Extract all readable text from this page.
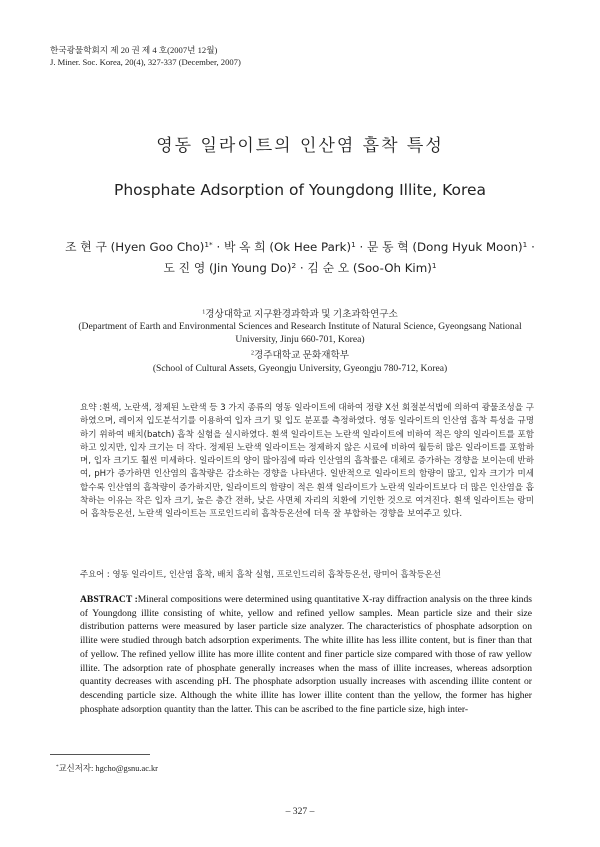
한국광물학회지 제 20 권 제 4 호(2007년 12월)
J. Miner. Soc. Korea, 20(4), 327-337 (December, 2007)
영동 일라이트의 인산염 흡착 특성
Phosphate Adsorption of Youngdong Illite, Korea
조 현 구 (Hyen Goo Cho)$^{1*}$ · 박 옥 희 (Ok Hee Park)$^1$ · 문 동 혁 (Dong Hyuk Moon)$^1$ ·
도 진 영 (Jin Young Do)$^2$ · 김 순 오 (Soo-Oh Kim)$^1$
$^1$경상대학교 지구환경과학과 및 기초과학연구소
(Department of Earth and Environmental Sciences and Research Institute of Natural Science, Gyeongsang National
University, Jinju 660-701, Korea)
$^2$경주대학교 문화재학부
(School of Cultural Assets, Gyeongju University, Gyeongju 780-712, Korea)
요약 :흰색, 노란색, 정제된 노란색 등 3 가지 종류의 영동 일라이트에 대하여 정량 X선 회절분석법에 의하여 광물조성을 구하였으며, 레이저 입도분석기를 이용하여 입자 크기 및 입도 분포를 측정하였다. 영동 일라이트의 인산염 흡착 특성을 규명하기 위하여 배치(batch) 흡착 실험을 실시하였다. 흰색 일라이트는 노란색 일라이트에 비하여 적은 양의 일라이트를 포함하고 있지만, 입자 크기는 더 작다. 정제된 노란색 일라이트는 정제하지 않은 시료에 비하여 월등히 많은 일라이트를 포함하며, 입자 크기도 훨씬 미세하다. 일라이트의 양이 많아짐에 따라 인산염의 흡착률은 대체로 증가하는 경향을 보이는데 반하여, pH가 증가하면 인산염의 흡착량은 감소하는 경향을 나타낸다. 일반적으로 일라이트의 함량이 많고, 입자 크기가 미세할수록 인산염의 흡착량이 증가하지만, 일라이트의 함량이 적은 흰색 일라이트가 노란색 일라이트보다 더 많은 인산염을 흡착하는 이유는 작은 입자 크기, 높은 층간 전하, 낮은 사면체 자리의 치환에 기인한 것으로 여겨진다. 흰색 일라이트는 랑미어 흡착등온선, 노란색 일라이트는 프로인드리히 흡착등온선에 더욱 잘 부합하는 경향을 보여주고 있다.
주요어 : 영동 일라이트, 인산염 흡착, 배치 흡착 실험, 프로인드리히 흡착등온선, 랑미어 흡착등온선
ABSTRACT :Mineral compositions were determined using quantitative X-ray diffraction analysis on the three kinds of Youngdong illite consisting of white, yellow and refined yellow samples. Mean particle size and their size distribution patterns were measured by laser particle size analyzer. The characteristics of phosphate adsorption on illite were studied through batch adsorption experiments. The white illite has less illite content, but is finer than that of yellow. The refined yellow illite has more illite content and finer particle size compared with those of raw yellow illite. The adsorption rate of phosphate generally increases when the mass of illite increases, whereas adsorption quantity decreases with ascending pH. The phosphate adsorption usually increases with ascending illite content or descending particle size. Although the white illite has lower illite content than the yellow, the former has higher phosphate adsorption quantity than the latter. This can be ascribed to the fine particle size, high inter-
*교신저자: hgcho@gsnu.ac.kr
– 327 –
